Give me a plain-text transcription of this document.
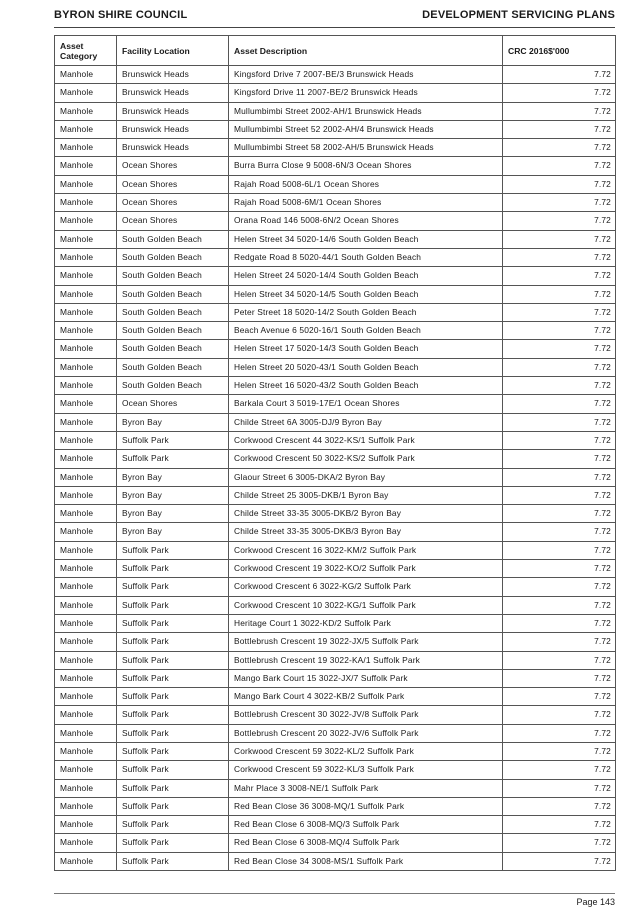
BYRON SHIRE COUNCIL	DEVELOPMENT SERVICING PLANS
Asset Category	Facility Location	Asset Description	CRC 2016$'000
Manhole	Brunswick Heads	Kingsford Drive 7 2007-BE/3 Brunswick Heads	7.72
Manhole	Brunswick Heads	Kingsford Drive 11 2007-BE/2 Brunswick Heads	7.72
Manhole	Brunswick Heads	Mullumbimbi Street 2002-AH/1 Brunswick Heads	7.72
Manhole	Brunswick Heads	Mullumbimbi Street 52 2002-AH/4 Brunswick Heads	7.72
Manhole	Brunswick Heads	Mullumbimbi Street 58 2002-AH/5 Brunswick Heads	7.72
Manhole	Ocean Shores	Burra Burra Close 9 5008-6N/3 Ocean Shores	7.72
Manhole	Ocean Shores	Rajah Road 5008-6L/1 Ocean Shores	7.72
Manhole	Ocean Shores	Rajah Road 5008-6M/1 Ocean Shores	7.72
Manhole	Ocean Shores	Orana Road 146 5008-6N/2 Ocean Shores	7.72
Manhole	South Golden Beach	Helen Street 34 5020-14/6 South Golden Beach	7.72
Manhole	South Golden Beach	Redgate Road 8 5020-44/1 South Golden Beach	7.72
Manhole	South Golden Beach	Helen Street 24 5020-14/4 South Golden Beach	7.72
Manhole	South Golden Beach	Helen Street 34 5020-14/5 South Golden Beach	7.72
Manhole	South Golden Beach	Peter Street 18 5020-14/2 South Golden Beach	7.72
Manhole	South Golden Beach	Beach Avenue 6 5020-16/1 South Golden Beach	7.72
Manhole	South Golden Beach	Helen Street 17 5020-14/3 South Golden Beach	7.72
Manhole	South Golden Beach	Helen Street 20 5020-43/1 South Golden Beach	7.72
Manhole	South Golden Beach	Helen Street 16 5020-43/2 South Golden Beach	7.72
Manhole	Ocean Shores	Barkala Court 3 5019-17E/1 Ocean Shores	7.72
Manhole	Byron Bay	Childe Street 6A 3005-DJ/9 Byron Bay	7.72
Manhole	Suffolk Park	Corkwood Crescent 44 3022-KS/1 Suffolk Park	7.72
Manhole	Suffolk Park	Corkwood Crescent 50 3022-KS/2 Suffolk Park	7.72
Manhole	Byron Bay	Glaour Street 6 3005-DKA/2 Byron Bay	7.72
Manhole	Byron Bay	Childe Street 25 3005-DKB/1 Byron Bay	7.72
Manhole	Byron Bay	Childe Street 33-35 3005-DKB/2 Byron Bay	7.72
Manhole	Byron Bay	Childe Street 33-35 3005-DKB/3 Byron Bay	7.72
Manhole	Suffolk Park	Corkwood Crescent 16 3022-KM/2 Suffolk Park	7.72
Manhole	Suffolk Park	Corkwood Crescent 19 3022-KO/2 Suffolk Park	7.72
Manhole	Suffolk Park	Corkwood Crescent 6 3022-KG/2 Suffolk Park	7.72
Manhole	Suffolk Park	Corkwood Crescent 10 3022-KG/1 Suffolk Park	7.72
Manhole	Suffolk Park	Heritage Court 1 3022-KD/2 Suffolk Park	7.72
Manhole	Suffolk Park	Bottlebrush Crescent 19 3022-JX/5 Suffolk Park	7.72
Manhole	Suffolk Park	Bottlebrush Crescent 19 3022-KA/1 Suffolk Park	7.72
Manhole	Suffolk Park	Mango Bark Court 15 3022-JX/7 Suffolk Park	7.72
Manhole	Suffolk Park	Mango Bark Court 4 3022-KB/2 Suffolk Park	7.72
Manhole	Suffolk Park	Bottlebrush Crescent 30 3022-JV/8 Suffolk Park	7.72
Manhole	Suffolk Park	Bottlebrush Crescent 20 3022-JV/6 Suffolk Park	7.72
Manhole	Suffolk Park	Corkwood Crescent 59 3022-KL/2 Suffolk Park	7.72
Manhole	Suffolk Park	Corkwood Crescent 59 3022-KL/3 Suffolk Park	7.72
Manhole	Suffolk Park	Mahr Place 3 3008-NE/1 Suffolk Park	7.72
Manhole	Suffolk Park	Red Bean Close 36 3008-MQ/1 Suffolk Park	7.72
Manhole	Suffolk Park	Red Bean Close 6 3008-MQ/3 Suffolk Park	7.72
Manhole	Suffolk Park	Red Bean Close 6 3008-MQ/4 Suffolk Park	7.72
Manhole	Suffolk Park	Red Bean Close 34 3008-MS/1 Suffolk Park	7.72
Page 143
